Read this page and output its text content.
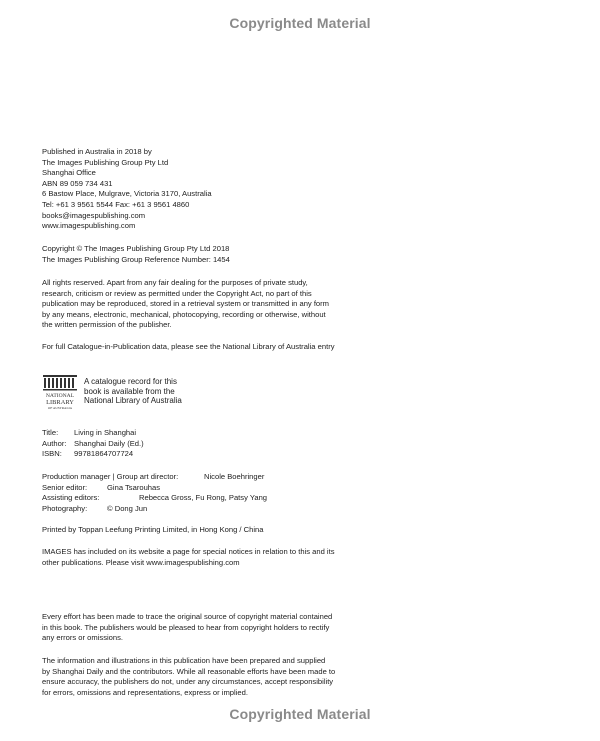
Copyrighted Material
Published in Australia in 2018 by
The Images Publishing Group Pty Ltd
Shanghai Office
ABN 89 059 734 431
6 Bastow Place, Mulgrave, Victoria 3170, Australia
Tel: +61 3 9561 5544 Fax: +61 3 9561 4860
books@imagespublishing.com
www.imagespublishing.com
Copyright © The Images Publishing Group Pty Ltd 2018
The Images Publishing Group Reference Number: 1454
All rights reserved. Apart from any fair dealing for the purposes of private study,
research, criticism or review as permitted under the Copyright Act, no part of this
publication may be reproduced, stored in a retrieval system or transmitted in any form
by any means, electronic, mechanical, photocopying, recording or otherwise, without
the written permission of the publisher.
For full Catalogue-in-Publication data, please see the National Library of Australia entry
NATIONAL
LIBRARY
OF AUSTRALIA
A catalogue record for this
book is available from the
National Library of Australia
Title: Living in Shanghai
Author: Shanghai Daily (Ed.)
ISBN: 99781864707724
Production manager | Group art director:	Nicole Boehringer
Senior editor:	Gina Tsarouhas
Assisting editors:	Rebecca Gross, Fu Rong, Patsy Yang
Photography:	© Dong Jun
Printed by Toppan Leefung Printing Limited, in Hong Kong / China
IMAGES has included on its website a page for special notices in relation to this and its
other publications. Please visit www.imagespublishing.com
Every effort has been made to trace the original source of copyright material contained
in this book. The publishers would be pleased to hear from copyright holders to rectify
any errors or omissions.
The information and illustrations in this publication have been prepared and supplied
by Shanghai Daily and the contributors. While all reasonable efforts have been made to
ensure accuracy, the publishers do not, under any circumstances, accept responsibility
for errors, omissions and representations, express or implied.
Copyrighted Material
